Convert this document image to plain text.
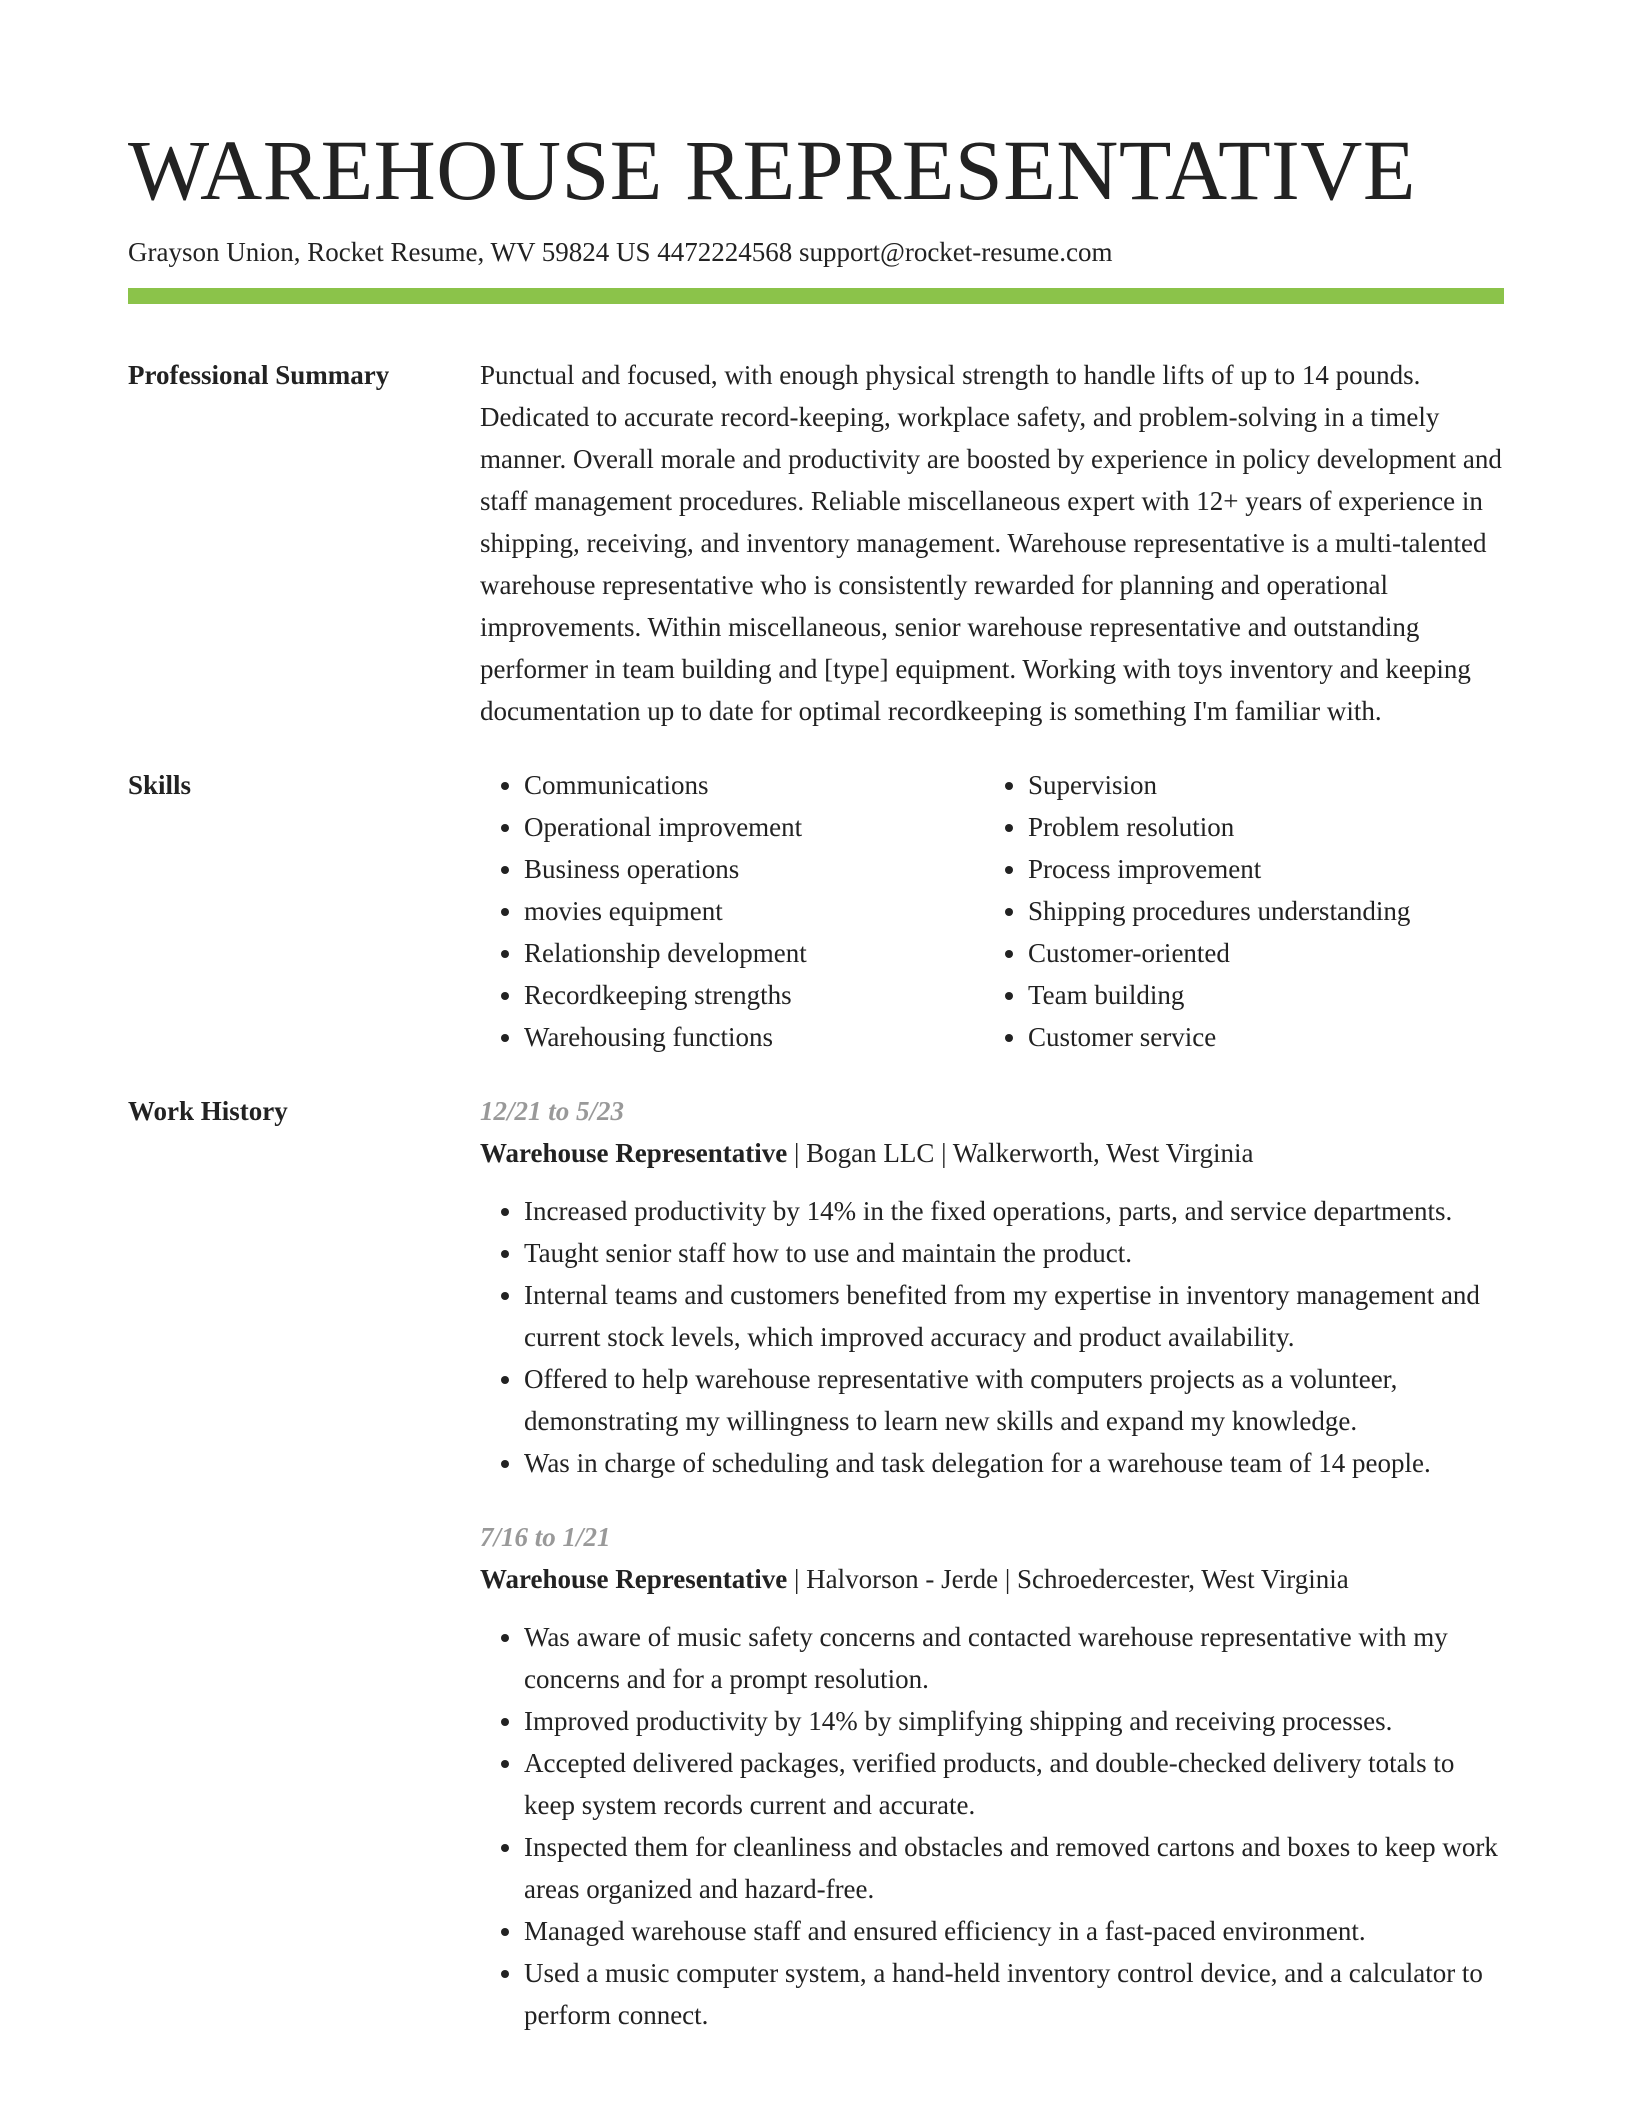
WAREHOUSE REPRESENTATIVE
Grayson Union, Rocket Resume, WV 59824 US 4472224568 support@rocket-resume.com
Professional Summary	Punctual and focused, with enough physical strength to handle lifts of up to 14 pounds. Dedicated to accurate record-keeping, workplace safety, and problem-solving in a timely manner. Overall morale and productivity are boosted by experience in policy development and staff management procedures. Reliable miscellaneous expert with 12+ years of experience in shipping, receiving, and inventory management. Warehouse representative is a multi-talented warehouse representative who is consistently rewarded for planning and operational improvements. Within miscellaneous, senior warehouse representative and outstanding performer in team building and [type] equipment. Working with toys inventory and keeping documentation up to date for optimal recordkeeping is something I'm familiar with.

Skills
•	Communications
• Operational improvement
• Business operations
• movies equipment
• Relationship development
• Recordkeeping strengths
• Warehousing functions
• Supervision
• Problem resolution
• Process improvement
• Shipping procedures understanding
• Customer-oriented
• Team building
• Customer service
Work History	12/21 to 5/23
Warehouse Representative | Bogan LLC | Walkerworth, West Virginia
• Increased productivity by 14% in the fixed operations, parts, and service departments.
• Taught senior staff how to use and maintain the product.
• Internal teams and customers benefited from my expertise in inventory management and current stock levels, which improved accuracy and product availability.
• Offered to help warehouse representative with computers projects as a volunteer, demonstrating my willingness to learn new skills and expand my knowledge.
• Was in charge of scheduling and task delegation for a warehouse team of 14 people.
7/16 to 1/21
Warehouse Representative | Halvorson - Jerde | Schroedercester, West Virginia
• Was aware of music safety concerns and contacted warehouse representative with my concerns and for a prompt resolution.
• Improved productivity by 14% by simplifying shipping and receiving processes.
• Accepted delivered packages, verified products, and double-checked delivery totals to keep system records current and accurate.
• Inspected them for cleanliness and obstacles and removed cartons and boxes to keep work areas organized and hazard-free.
• Managed warehouse staff and ensured efficiency in a fast-paced environment.
• Used a music computer system, a hand-held inventory control device, and a calculator to perform connect.
